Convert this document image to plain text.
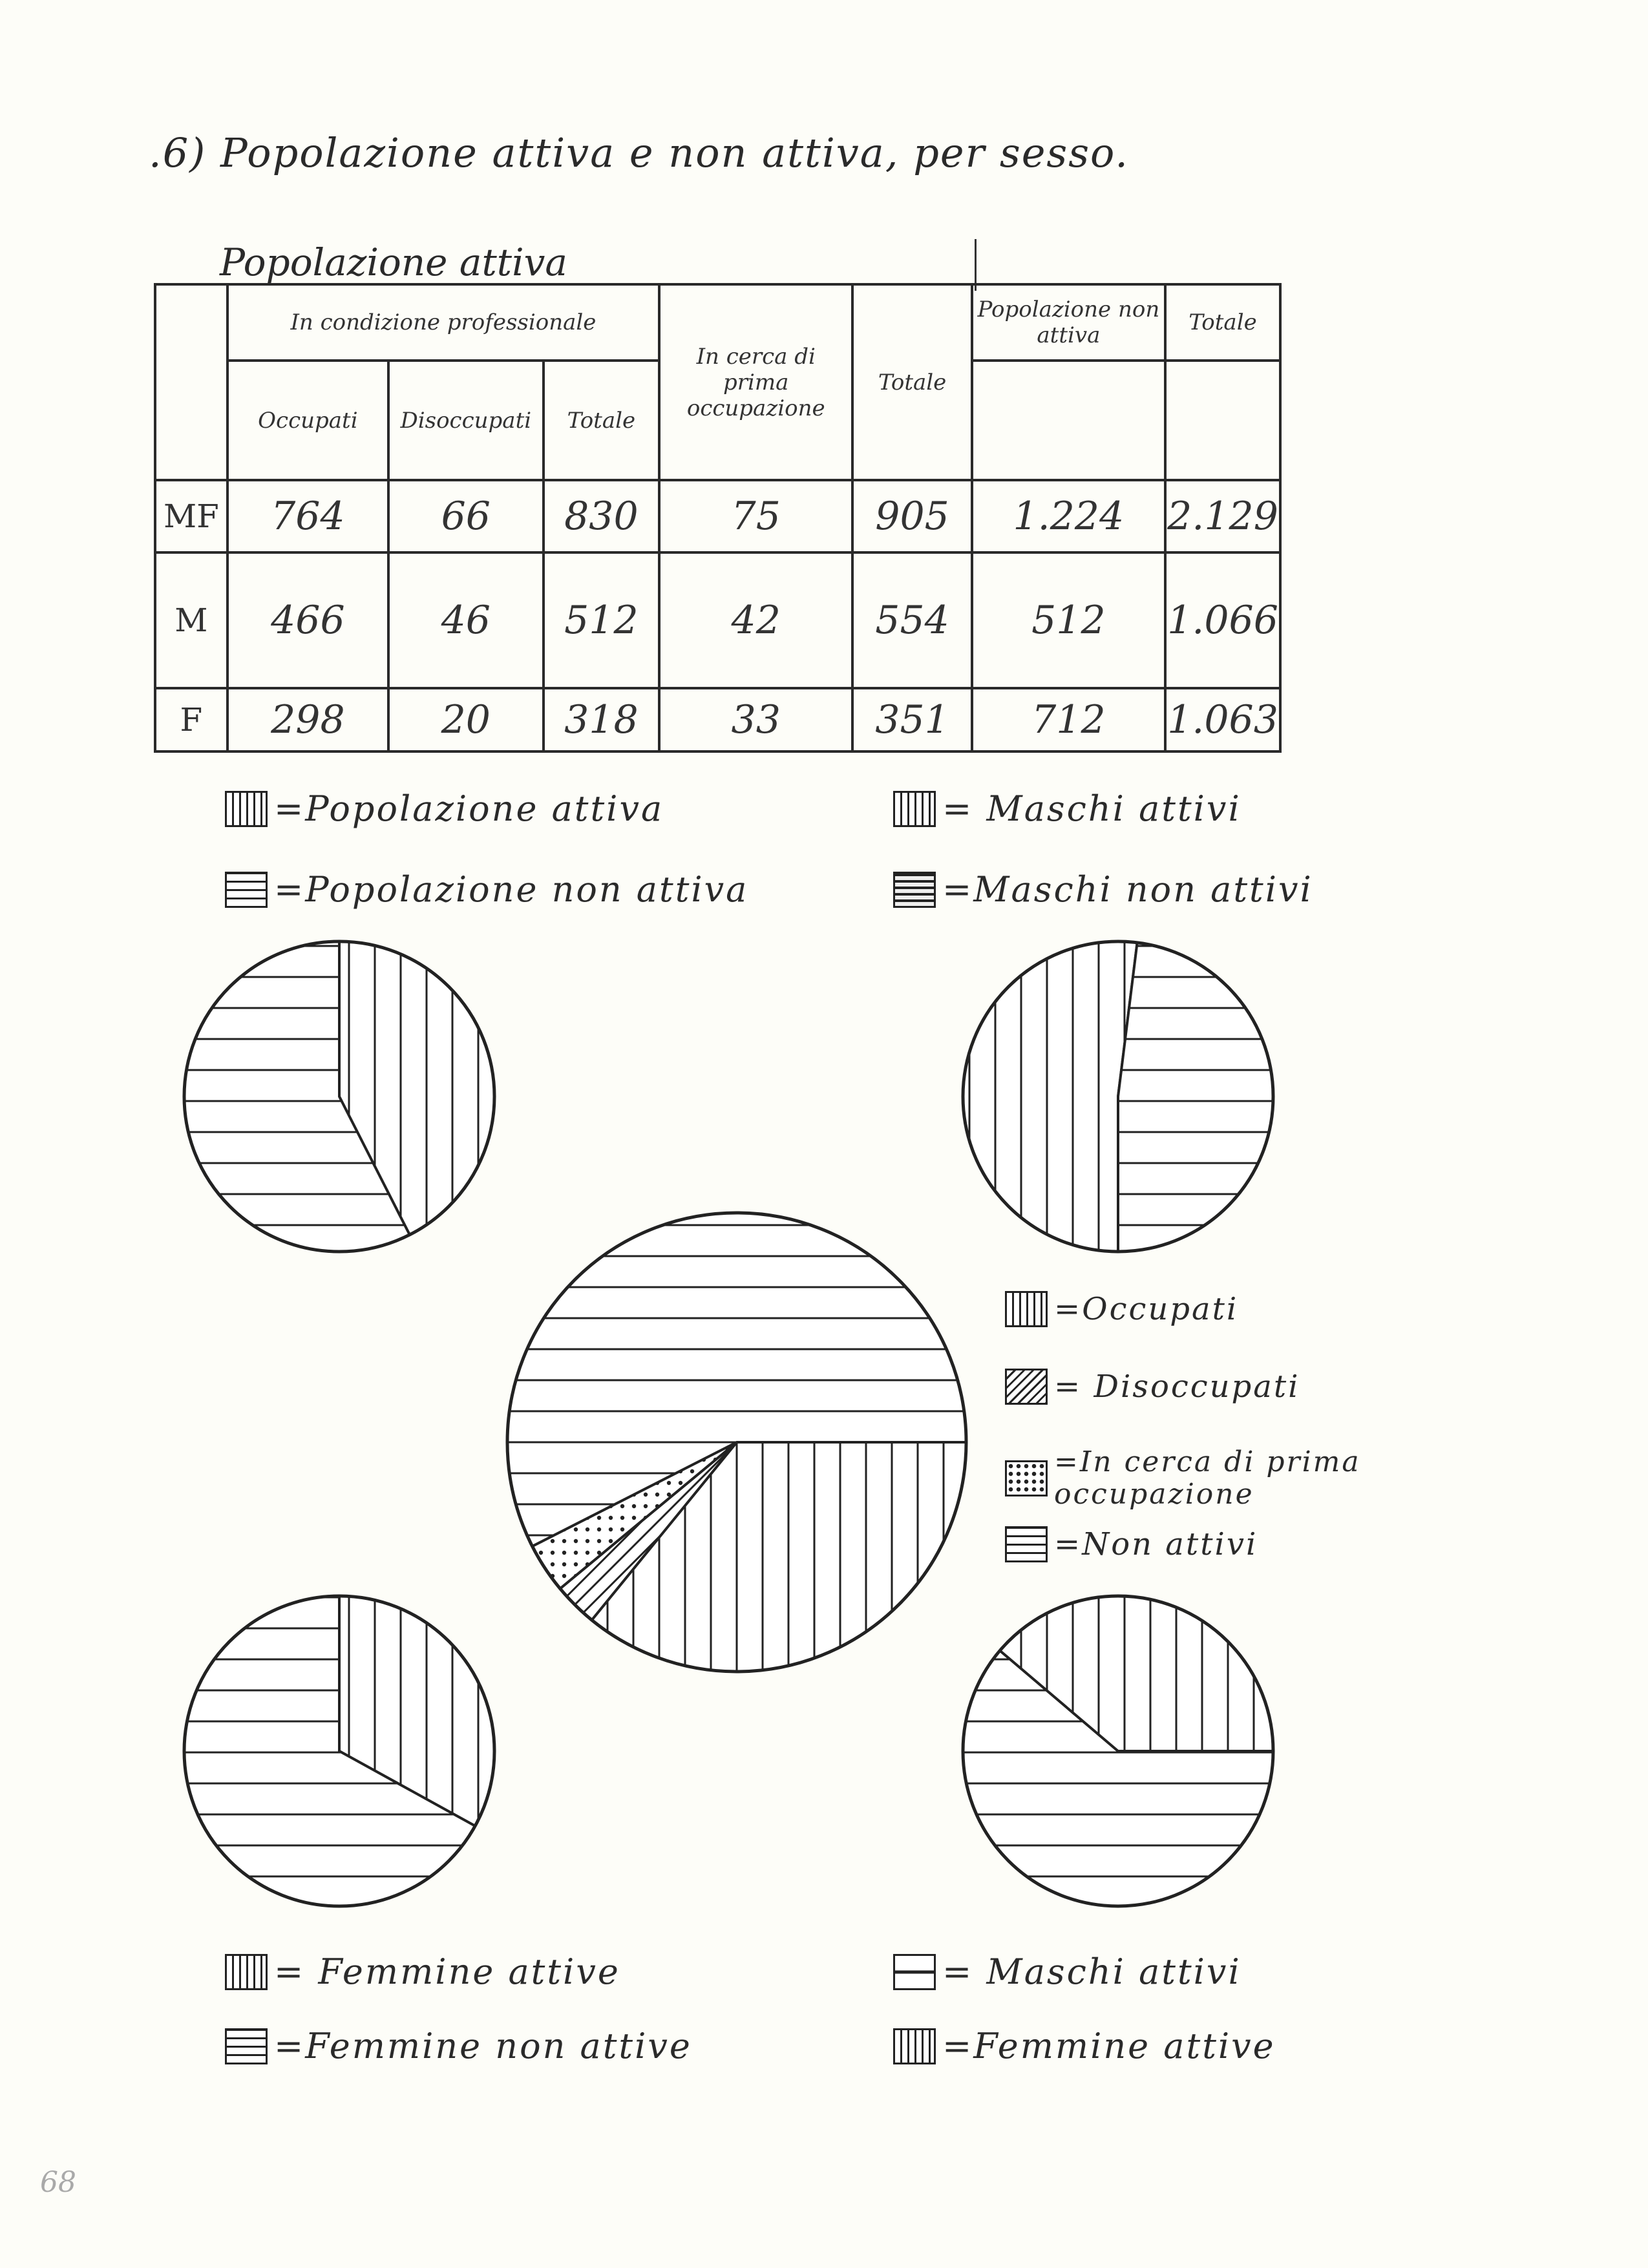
.6) Popolazione attiva e non attiva, per sesso.
Popolazione attiva
	In condizione professionale			In cerca di prima occupazione	Totale	Popolazione non attiva	Totale
	Occupati	Disoccupati	Totale				
MF	764	66	830	75	905	1.224	2.129
M	466	46	512	42	554	512	1.066
F	298	20	318	33	351	712	1.063
=Popolazione attiva
=Popolazione non attiva
= Maschi attivi
=Maschi non attivi
=Occupati
= Disoccupati
=In cerca di prima occupazione
=Non attivi
= Femmine attive
=Femmine non attive
= Maschi attivi
=Femmine attive
68
